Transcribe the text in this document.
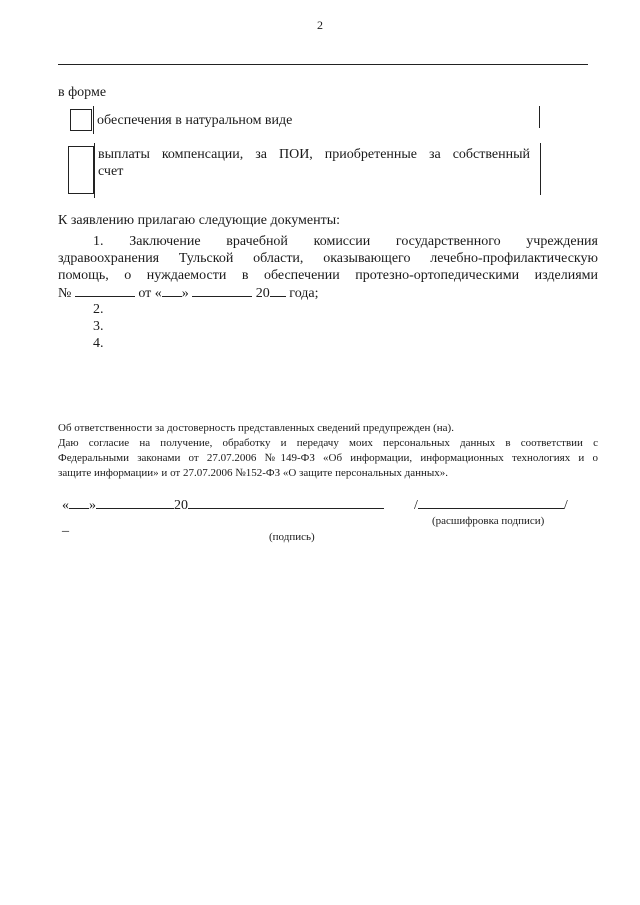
2
в форме
обеспечения в натуральном виде
выплаты компенсации, за ПОИ, приобретенные за собственный
счет
К заявлению прилагаю следующие документы:
1. Заключение врачебной комиссии государственного учреждения
здравоохранения Тульской области, оказывающего лечебно-профилактическую
помощь, о нуждаемости в обеспечении протезно-ортопедическими изделиями
№	от « »	20 года;
2.
3.
4.
Об ответственности за достоверность представленных сведений предупрежден (на).
Даю согласие на получение, обработку и передачу моих персональных данных в соответствии с
Федеральными законами от 27.07.2006 №149-ФЗ «Об информации, информационных технологиях и о
защите информации» и от 27.07.2006 №152-ФЗ «О защите персональных данных».
« »	20	/	/
(расшифровка подписи)
_
(подпись)
